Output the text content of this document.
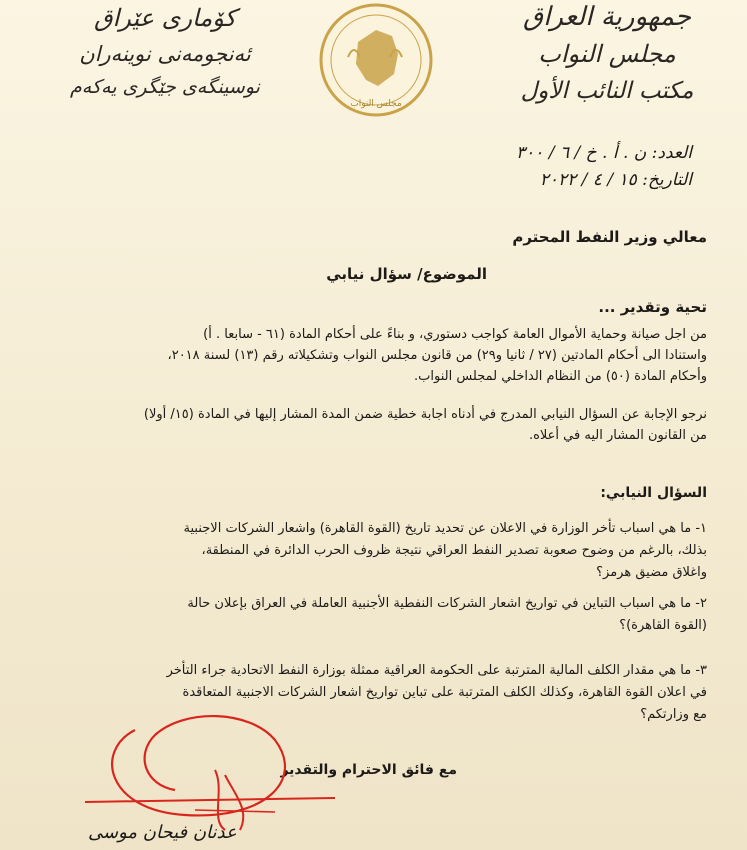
كۆمارى عێراق
ئەنجومەنی نوینەران
نوسینگەی جێگری یەکەم
مجلس النواب
جمهورية العراق
مجلس النواب
مكتب النائب الأول
العدد: ن . أ . خ / ٦ / ٣٠٠
التاريخ: ١٥ / ٤ / ٢٠٢٢
معالي وزير النفط المحترم
الموضوع/ سؤال نيابي
تحية وتقدير ...

من اجل صيانة وحماية الأموال العامة كواجب دستوري، و بناءً على أحكام المادة (٦١ - سابعا . أ)

واستنادا الى أحكام المادتين (٢٧ / ثانيا و٢٩) من قانون مجلس النواب وتشكيلاته رقم (١٣) لسنة ٢٠١٨،

وأحكام المادة (٥٠) من النظام الداخلي لمجلس النواب.

نرجو الإجابة عن السؤال النيابي المدرج في أدناه اجابة خطية ضمن المدة المشار إليها في المادة (١٥/ أولا)

من القانون المشار اليه في أعلاه.

السؤال النيابي:

١- ما هي اسباب تأخر الوزارة في الاعلان عن تحديد تاريخ (القوة القاهرة) واشعار الشركات الاجنبية

بذلك، بالرغم من وضوح صعوبة تصدير النفط العراقي نتيجة ظروف الحرب الدائرة في المنطقة،

واغلاق مضيق هرمز؟

٢- ما هي اسباب التباين في تواريخ اشعار الشركات النفطية الأجنبية العاملة في العراق بإعلان حالة

(القوة القاهرة)؟

٣- ما هي مقدار الكلف المالية المترتبة على الحكومة العراقية ممثلة بوزارة النفط الاتحادية جراء التأخر

في اعلان القوة القاهرة، وكذلك الكلف المترتبة على تباين تواريخ اشعار الشركات الاجنبية المتعاقدة

مع وزارتكم؟

مع فائق الاحترام والتقدير
عدنان فيحان موسى
